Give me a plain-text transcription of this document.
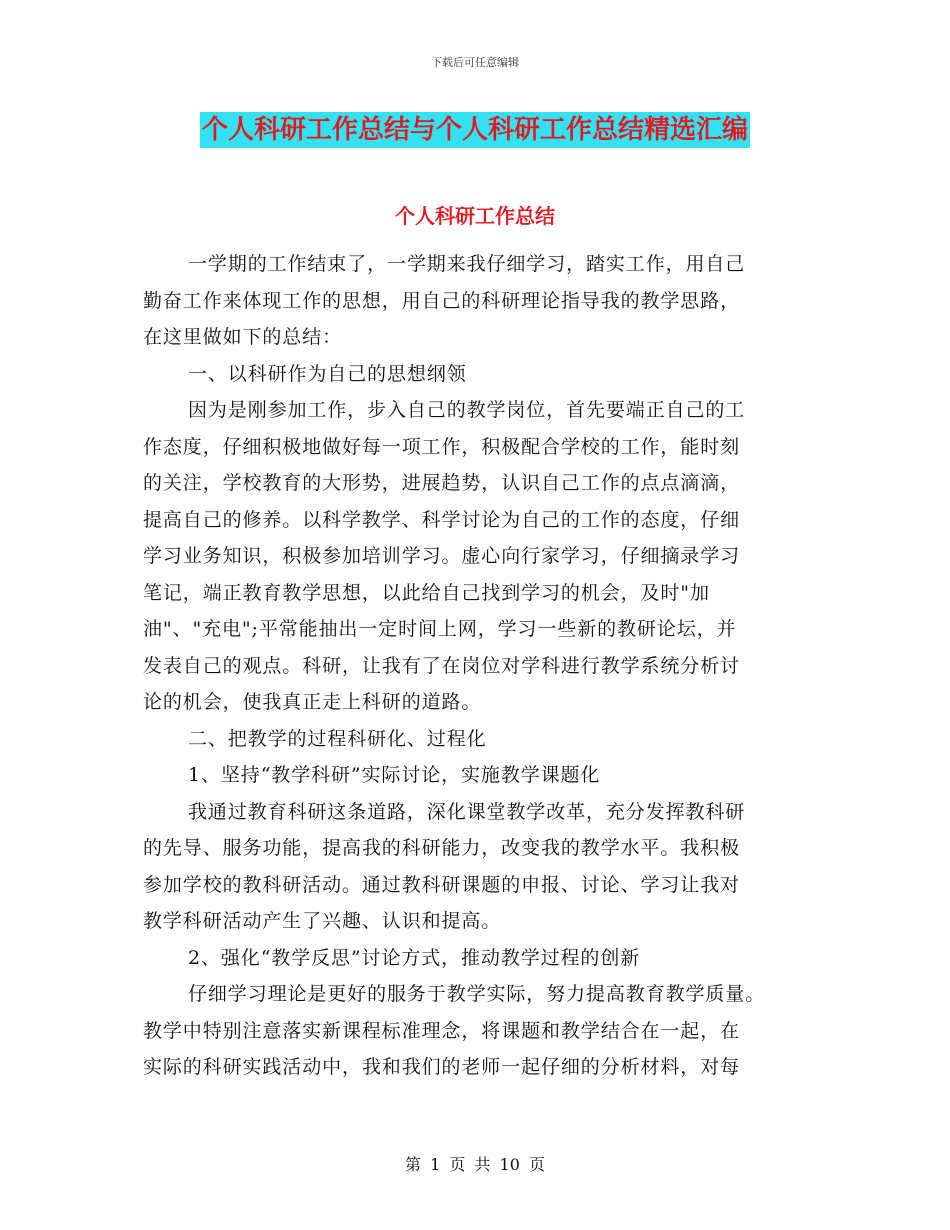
下载后可任意编辑
个人科研工作总结与个人科研工作总结精选汇编
个人科研工作总结
一学期的工作结束了，一学期来我仔细学习，踏实工作，用自己
勤奋工作来体现工作的思想，用自己的科研理论指导我的教学思路，
在这里做如下的总结：
一、以科研作为自己的思想纲领
因为是刚参加工作，步入自己的教学岗位，首先要端正自己的工
作态度，仔细积极地做好每一项工作，积极配合学校的工作，能时刻
的关注，学校教育的大形势，进展趋势，认识自己工作的点点滴滴，
提高自己的修养。以科学教学、科学讨论为自己的工作的态度，仔细
学习业务知识，积极参加培训学习。虚心向行家学习，仔细摘录学习
笔记，端正教育教学思想，以此给自己找到学习的机会，及时"加
油"、"充电";平常能抽出一定时间上网，学习一些新的教研论坛，并
发表自己的观点。科研，让我有了在岗位对学科进行教学系统分析讨
论的机会，使我真正走上科研的道路。
二、把教学的过程科研化、过程化
1、坚持“教学科研”实际讨论，实施教学课题化
我通过教育科研这条道路，深化课堂教学改革，充分发挥教科研
的先导、服务功能，提高我的科研能力，改变我的教学水平。我积极
参加学校的教科研活动。通过教科研课题的申报、讨论、学习让我对
教学科研活动产生了兴趣、认识和提高。
2、强化“教学反思”讨论方式，推动教学过程的创新
仔细学习理论是更好的服务于教学实际，努力提高教育教学质量。
教学中特别注意落实新课程标准理念，将课题和教学结合在一起，在
实际的科研实践活动中，我和我们的老师一起仔细的分析材料，对每
第 1 页 共 10 页
